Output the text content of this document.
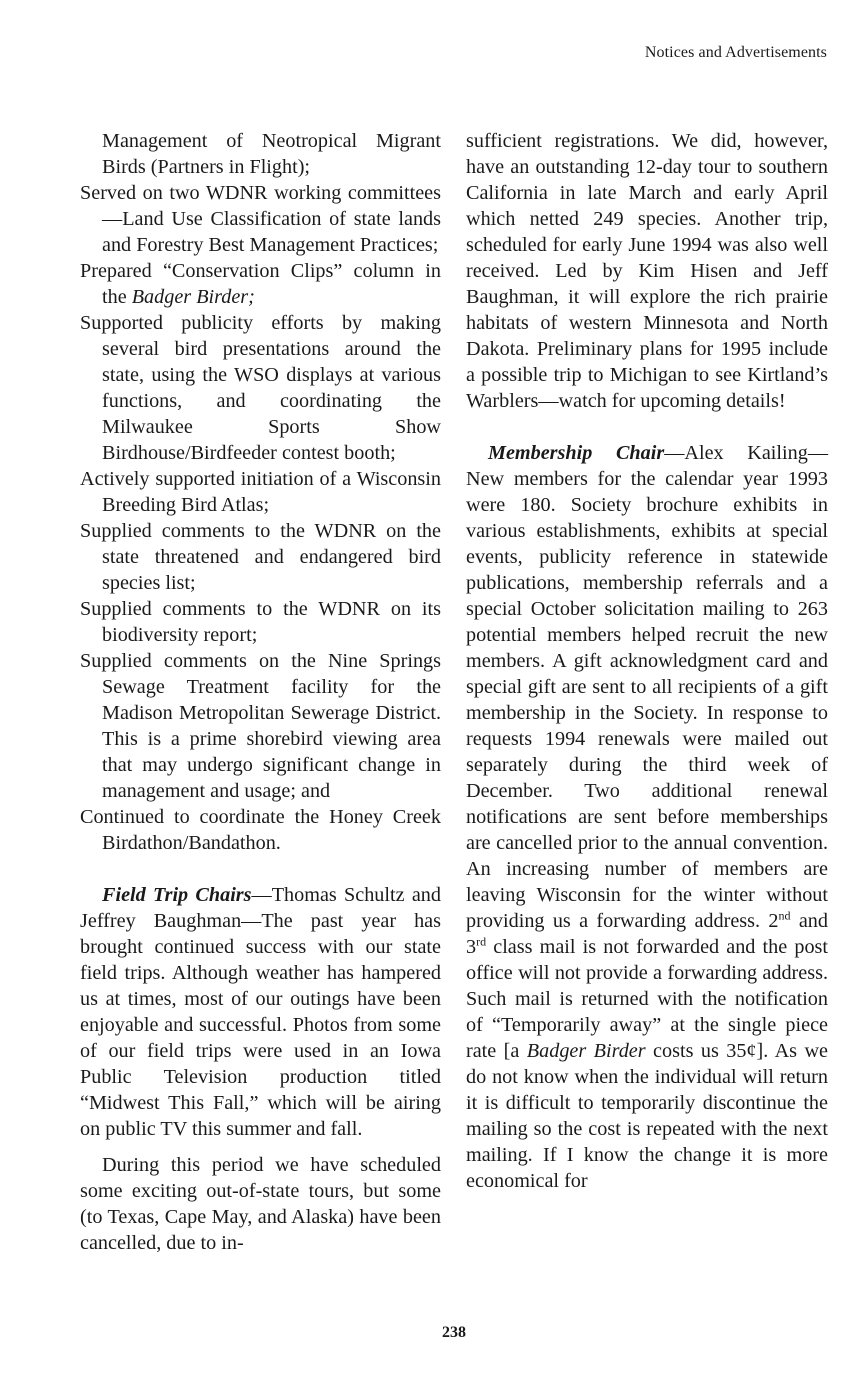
Notices and Advertisements

Management of Neotropical Migrant Birds (Partners in Flight);

Served on two WDNR working committees—Land Use Classification of state lands and Forestry Best Management Practices;

Prepared “Conservation Clips” column in the Badger Birder;

Supported publicity efforts by making several bird presentations around the state, using the WSO displays at various functions, and coordinating the Milwaukee Sports Show Birdhouse/Birdfeeder contest booth;

Actively supported initiation of a Wisconsin Breeding Bird Atlas;

Supplied comments to the WDNR on the state threatened and endangered bird species list;

Supplied comments to the WDNR on its biodiversity report;

Supplied comments on the Nine Springs Sewage Treatment facility for the Madison Metropolitan Sewerage District. This is a prime shorebird viewing area that may undergo significant change in management and usage; and

Continued to coordinate the Honey Creek Birdathon/Bandathon.

Field Trip Chairs—Thomas Schultz and Jeffrey Baughman—The past year has brought continued success with our state field trips. Although weather has hampered us at times, most of our outings have been enjoyable and successful. Photos from some of our field trips were used in an Iowa Public Television production titled “Midwest This Fall,” which will be airing on public TV this summer and fall.

During this period we have scheduled some exciting out-of-state tours, but some (to Texas, Cape May, and Alaska) have been cancelled, due to in-

sufficient registrations. We did, however, have an outstanding 12-day tour to southern California in late March and early April which netted 249 species. Another trip, scheduled for early June 1994 was also well received. Led by Kim Hisen and Jeff Baughman, it will explore the rich prairie habitats of western Minnesota and North Dakota. Preliminary plans for 1995 include a possible trip to Michigan to see Kirtland’s Warblers—watch for upcoming details!

Membership Chair—Alex Kailing—New members for the calendar year 1993 were 180. Society brochure exhibits in various establishments, exhibits at special events, publicity reference in statewide publications, membership referrals and a special October solicitation mailing to 263 potential members helped recruit the new members. A gift acknowledgment card and special gift are sent to all recipients of a gift membership in the Society. In response to requests 1994 renewals were mailed out separately during the third week of December. Two additional renewal notifications are sent before memberships are cancelled prior to the annual convention. An increasing number of members are leaving Wisconsin for the winter without providing us a forwarding address. 2nd and 3rd class mail is not forwarded and the post office will not provide a forwarding address. Such mail is returned with the notification of “Temporarily away” at the single piece rate [a Badger Birder costs us 35¢]. As we do not know when the individual will return it is difficult to temporarily discontinue the mailing so the cost is repeated with the next mailing. If I know the change it is more economical for

238
